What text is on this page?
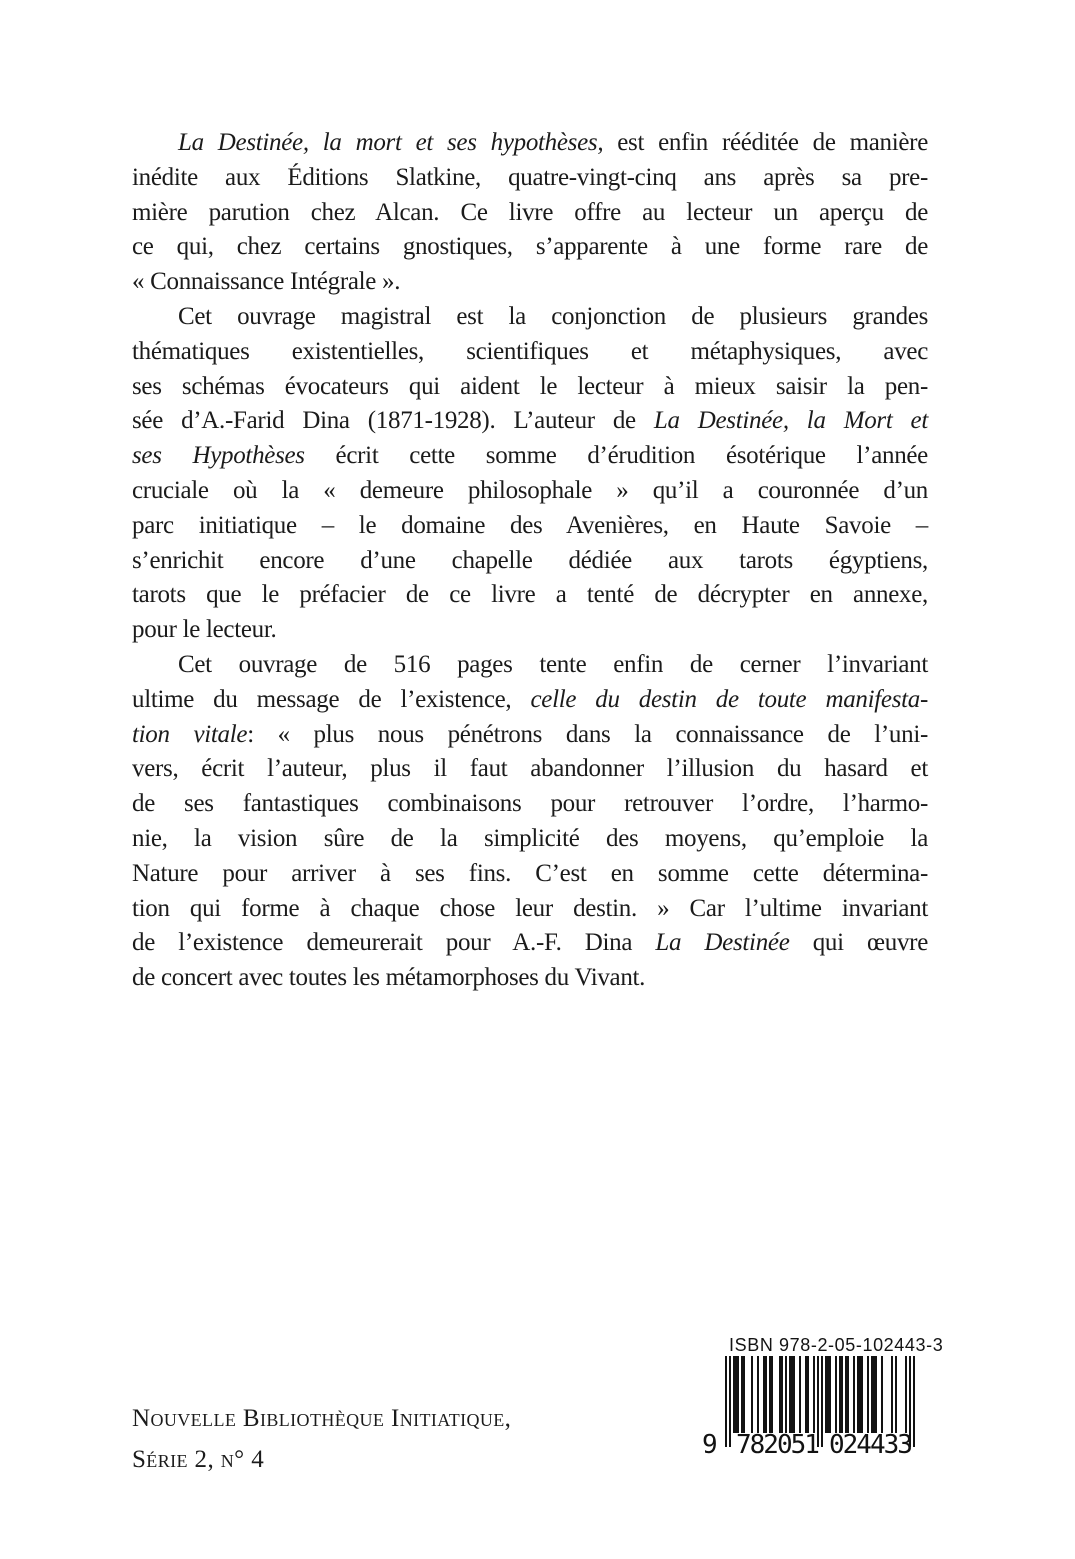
La Destinée, la mort et ses hypothèses, est enfin rééditée de manière
inédite aux Éditions Slatkine, quatre-vingt-cinq ans après sa pre-
mière parution chez Alcan. Ce livre offre au lecteur un aperçu de
ce qui, chez certains gnostiques, s’apparente à une forme rare de
« Connaissance Intégrale ».
Cet ouvrage magistral est la conjonction de plusieurs grandes
thématiques existentielles, scientifiques et métaphysiques, avec
ses schémas évocateurs qui aident le lecteur à mieux saisir la pen-
sée d’A.-Farid Dina (1871-1928). L’auteur de La Destinée, la Mort et
ses Hypothèses écrit cette somme d’érudition ésotérique l’année
cruciale où la « demeure philosophale » qu’il a couronnée d’un
parc initiatique – le domaine des Avenières, en Haute Savoie –
s’enrichit encore d’une chapelle dédiée aux tarots égyptiens,
tarots que le préfacier de ce livre a tenté de décrypter en annexe,
pour le lecteur.
Cet ouvrage de 516 pages tente enfin de cerner l’invariant
ultime du message de l’existence, celle du destin de toute manifesta-
tion vitale: « plus nous pénétrons dans la connaissance de l’uni-
vers, écrit l’auteur, plus il faut abandonner l’illusion du hasard et
de ses fantastiques combinaisons pour retrouver l’ordre, l’harmo-
nie, la vision sûre de la simplicité des moyens, qu’emploie la
Nature pour arriver à ses fins. C’est en somme cette détermina-
tion qui forme à chaque chose leur destin. » Car l’ultime invariant
de l’existence demeurerait pour A.-F. Dina La Destinée qui œuvre
de concert avec toutes les métamorphoses du Vivant.
Nouvelle Bibliothèque Initiatique,
Série 2, n° 4
ISBN 978-2-05-102443-3
9 782051 024433
